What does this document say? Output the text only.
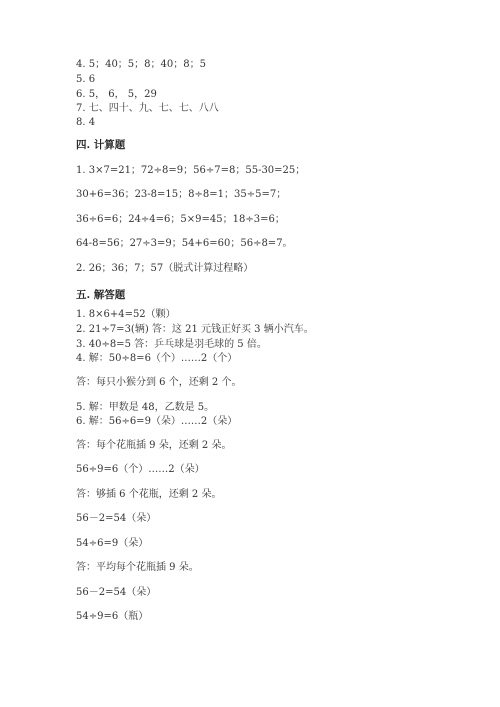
4. 5；40；5；8；40；8；5
5. 6
6. 5， 6， 5，29
7. 七、四十、九、七、七、八八
8. 4
四. 计算题
1. 3×7=21；72÷8=9；56÷7=8；55-30=25；
30+6=36；23-8=15；8÷8=1；35÷5=7；
36÷6=6；24÷4=6；5×9=45；18÷3=6；
64-8=56；27÷3=9；54+6=60；56÷8=7。
2. 26；36；7；57（脱式计算过程略）
五. 解答题
1. 8×6+4=52（颗）
2. 21÷7=3(辆) 答：这 21 元钱正好买 3 辆小汽车。
3. 40÷8=5 答：乒乓球是羽毛球的 5 倍。
4. 解：50÷8=6（个）……2（个）
答：每只小猴分到 6 个，还剩 2 个。
5. 解：甲数是 48，乙数是 5。
6. 解：56÷6=9（朵）……2（朵）
答：每个花瓶插 9 朵，还剩 2 朵。
56÷9=6（个）……2（朵）
答：够插 6 个花瓶，还剩 2 朵。
56－2=54（朵）
54÷6=9（朵）
答：平均每个花瓶插 9 朵。
56－2=54（朵）
54÷9=6（瓶）
